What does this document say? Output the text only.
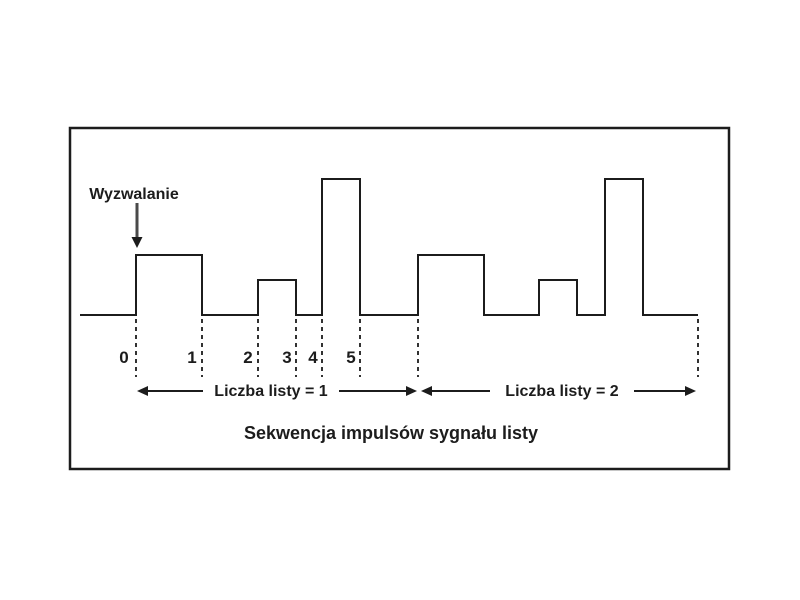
0	1	2 3 4 5
Wyzwalanie
Liczba listy = 1	Liczba listy = 2
Sekwencja impulsów sygnału listy
